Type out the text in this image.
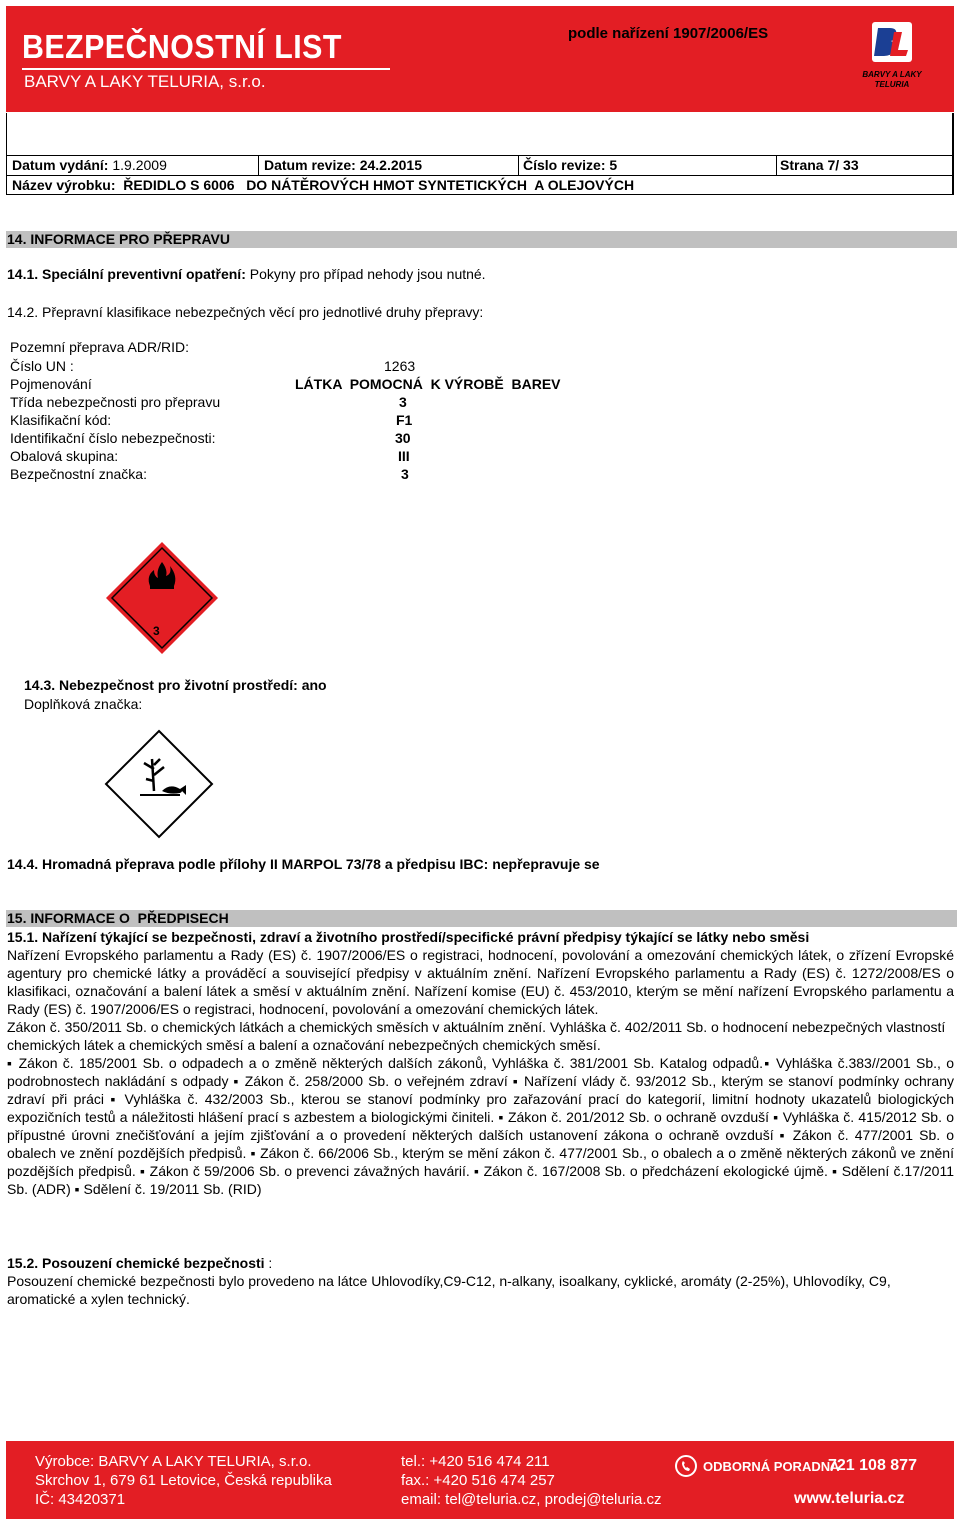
BEZPEČNOSTNÍ LIST
BARVY A LAKY TELURIA, s.r.o.
podle nařízení 1907/2006/ES
BARVY A LAKY
TELURIA
Datum vydání: 1.9.2009	Datum revize: 24.2.2015	Číslo revize: 5	Strana 7/ 33
Název výrobku: ŘEDIDLO S 6006   DO NÁTĚROVÝCH HMOT SYNTETICKÝCH  A OLEJOVÝCH
14. INFORMACE PRO PŘEPRAVU
14.1. Speciální preventivní opatření: Pokyny pro případ nehody jsou nutné.
14.2. Přepravní klasifikace nebezpečných věcí pro jednotlivé druhy přepravy:
Pozemní přeprava ADR/RID:
Číslo UN :	1263
Pojmenování	LÁTKA  POMOCNÁ  K VÝROBĚ  BAREV
Třída nebezpečnosti pro přepravu	3
Klasifikační kód:	F1
Identifikační číslo nebezpečnosti:	30
Obalová skupina:	III
Bezpečnostní značka:	3
3
14.3. Nebezpečnost pro životní prostředí: ano
Doplňková značka:
14.4. Hromadná přeprava podle přílohy II MARPOL 73/78 a předpisu IBC: nepřepravuje se
15. INFORMACE O  PŘEDPISECH

15.1. Nařízení týkající se bezpečnosti, zdraví a životního prostředí/specifické právní předpisy týkající se látky nebo směsi

Nařízení Evropského parlamentu a Rady (ES) č. 1907/2006/ES o registraci, hodnocení, povolování a omezování chemických látek, o zřízení Evropské agentury pro chemické látky a prováděcí a související předpisy v aktuálním znění. Nařízení Evropského parlamentu a Rady (ES) č. 1272/2008/ES o klasifikaci, označování a balení látek a směsí v aktuálním znění. Nařízení komise (EU) č. 453/2010, kterým se mění nařízení Evropského parlamentu a Rady (ES) č. 1907/2006/ES o registraci, hodnocení, povolování a omezování chemických látek.

Zákon č. 350/2011 Sb. o chemických látkách a chemických směsích v aktuálním znění. Vyhláška č. 402/2011 Sb. o hodnocení nebezpečných vlastností chemických látek a chemických směsí a balení a označování nebezpečných chemických směsí.

▪ Zákon č. 185/2001 Sb. o odpadech a o změně některých dalších zákonů, Vyhláška č. 381/2001 Sb. Katalog odpadů.▪ Vyhláška č.383//2001 Sb., o podrobnostech nakládání s odpady ▪ Zákon č. 258/2000 Sb. o veřejném zdraví ▪ Nařízení vlády č. 93/2012 Sb., kterým se stanoví podmínky ochrany zdraví při práci ▪ Vyhláška č. 432/2003 Sb., kterou se stanoví podmínky pro zařazování prací do kategorií, limitní hodnoty ukazatelů biologických expozičních testů a náležitosti hlášení prací s azbestem a biologickými činiteli. ▪ Zákon č. 201/2012 Sb. o ochraně ovzduší ▪ Vyhláška č. 415/2012 Sb. o přípustné úrovni znečišťování a jejím zjišťování a o provedení některých dalších ustanovení zákona o ochraně ovzduší ▪ Zákon č. 477/2001 Sb. o obalech ve znění pozdějších předpisů. ▪ Zákon č. 66/2006 Sb., kterým se mění zákon č. 477/2001 Sb., o obalech a o změně některých zákonů ve znění pozdějších předpisů. ▪ Zákon č 59/2006 Sb. o prevenci závažných havárií. ▪ Zákon č. 167/2008 Sb. o předcházení ekologické újmě. ▪ Sdělení č.17/2011 Sb. (ADR) ▪ Sdělení č. 19/2011 Sb. (RID)

15.2. Posouzení chemické bezpečnosti :

Posouzení chemické bezpečnosti bylo provedeno na látce Uhlovodíky,C9-C12, n-alkany, isoalkany, cyklické, aromáty (2-25%), Uhlovodíky, C9, aromatické a xylen technický.

Výrobce: BARVY A LAKY TELURIA, s.r.o.
Skrchov 1, 679 61 Letovice, Česká republika
IČ: 43420371
tel.: +420 516 474 211
fax.: +420 516 474 257
email: tel@teluria.cz, prodej@teluria.cz
ODBORNÁ PORADNA
721 108 877
www.teluria.cz
